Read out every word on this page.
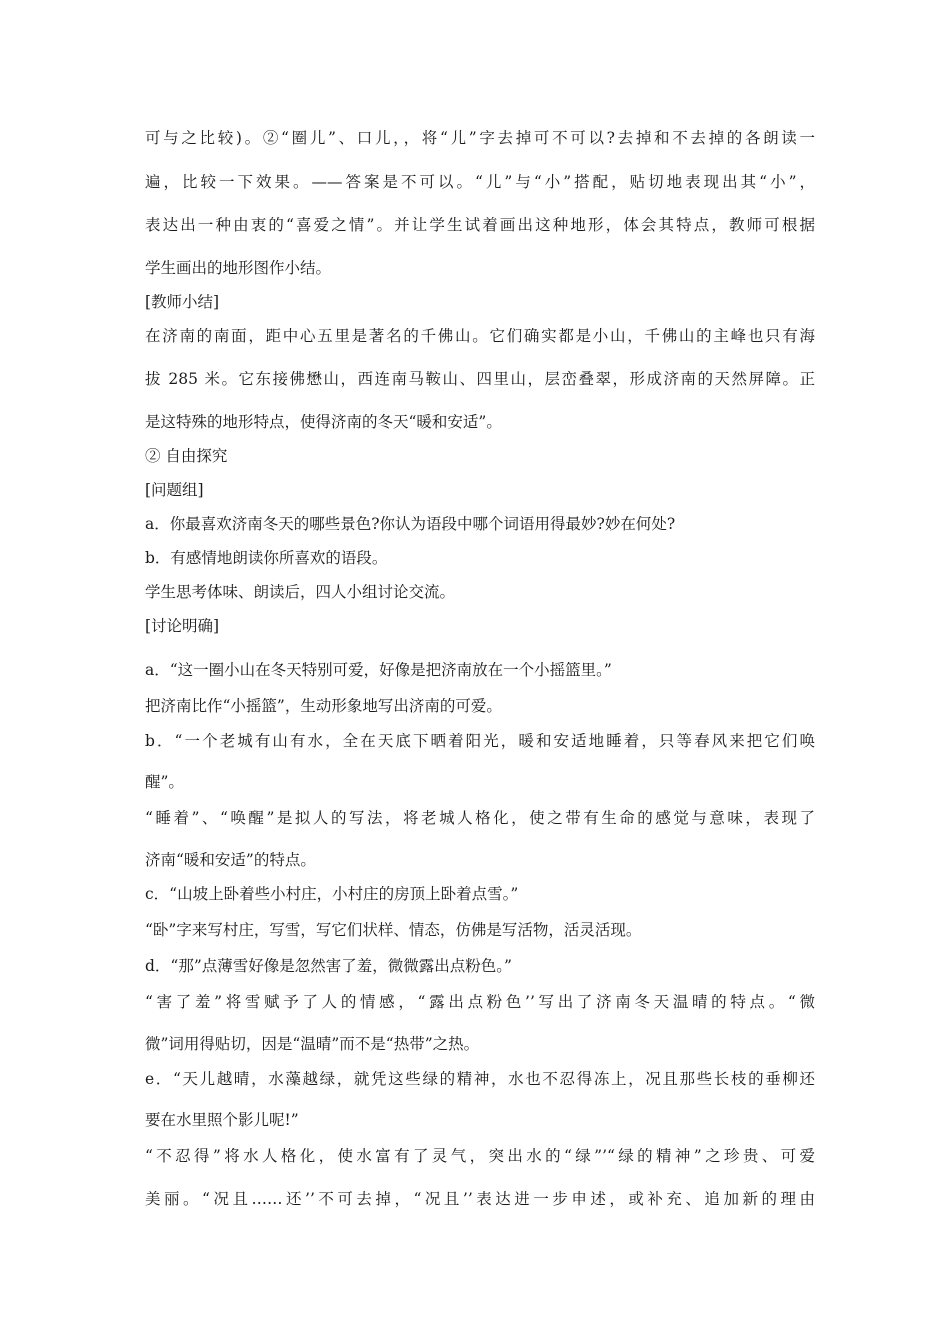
可与之比较)。②“圈儿”、口儿，，将“儿”字去掉可不可以?去掉和不去掉的各朗读一
遍，比较一下效果。——答案是不可以。“儿”与“小”搭配，贴切地表现出其“小”，
表达出一种由衷的“喜爱之情”。并让学生试着画出这种地形，体会其特点，教师可根据
学生画出的地形图作小结。
[教师小结]
在济南的南面，距中心五里是著名的千佛山。它们确实都是小山，千佛山的主峰也只有海
拔 285 米。它东接佛懋山，西连南马鞍山、四里山，层峦叠翠，形成济南的天然屏障。正
是这特殊的地形特点，使得济南的冬天“暖和安适”。
② 自由探究
[问题组]
a．你最喜欢济南冬天的哪些景色?你认为语段中哪个词语用得最妙?妙在何处?
b．有感情地朗读你所喜欢的语段。
学生思考体味、朗读后，四人小组讨论交流。
[讨论明确]
a．“这一圈小山在冬天特别可爱，好像是把济南放在一个小摇篮里。”
把济南比作“小摇篮”，生动形象地写出济南的可爱。
b．“一个老城有山有水，全在天底下晒着阳光，暖和安适地睡着，只等春风来把它们唤
醒”。
“睡着”、“唤醒”是拟人的写法，将老城人格化，使之带有生命的感觉与意味，表现了
济南“暖和安适”的特点。
c．“山坡上卧着些小村庄，小村庄的房顶上卧着点雪。”
“卧”字来写村庄，写雪，写它们状样、情态，仿佛是写活物，活灵活现。
d．“那”点薄雪好像是忽然害了羞，微微露出点粉色。”
“害了羞”将雪赋予了人的情感，“露出点粉色’’写出了济南冬天温晴的特点。“微
微”词用得贴切，因是“温晴”而不是“热带”之热。
e．“天儿越晴，水藻越绿，就凭这些绿的精神，水也不忍得冻上，况且那些长枝的垂柳还
要在水里照个影儿呢!”
“不忍得”将水人格化，使水富有了灵气，突出水的“绿”’“绿的精神”之珍贵、可爱
美丽。“况且……还’’不可去掉，“况且’’表达进一步申述，或补充、追加新的理由
